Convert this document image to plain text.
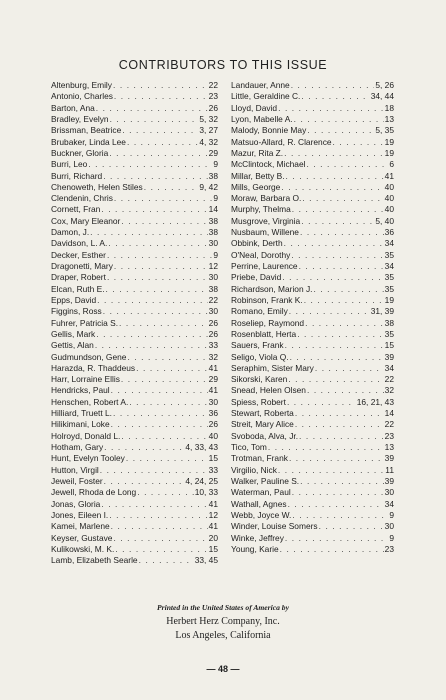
CONTRIBUTORS TO THIS ISSUE
Altenburg, Emily . . .	22
Antonio, Charles . . .	23
Barton, Ana . . .	26
Bradley, Evelyn . . .	5, 32
Brissman, Beatrice . . .	3, 27
Brubaker, Linda Lee . . .	4, 32
Buckner, Gloria . . .	29
Burri, Leo . . .	9
Burri, Richard . . .	38
Chenoweth, Helen Stiles . . .	9, 42
Clendenin, Chris . . .	9
Cornett, Fran . . .	14
Cox, Mary Eleanor . . .	38
Damon, J. . . .	38
Davidson, L. A. . . .	30
Decker, Esther . . .	9
Dragonetti, Mary . . .	12
Draper, Robert . . .	30
Elcan, Ruth E. . . .	38
Epps, David . . .	22
Figgins, Ross . . .	30
Fuhrer, Patricia S. . . .	26
Gellis, Mark . . .	26
Gettis, Alan . . .	33
Gudmundson, Gene . . .	32
Harazda, R. Thaddeus . . .	41
Harr, Lorraine Ellis . . .	29
Hendricks, Paul . . .	41
Henschen, Robert A. . . .	30
Hilliard, Truett L. . . .	36
Hilikimani, Loke . . .	26
Holroyd, Donald L. . . .	40
Hotham, Gary . . .	4, 33, 43
Hunt, Evelyn Tooley . . .	15
Hutton, Virgil . . .	33
Jeweil, Foster . . .	4, 24, 25
Jewell, Rhoda de Long . . .	10, 33
Jonas, Gloria . . .	41
Jones, Eileen I. . . .	12
Kamei, Marlene . . .	41
Keyser, Gustave . . .	20
Kulikowski, M. K. . . .	15
Lamb, Elizabeth Searle . . .	33, 45
Landauer, Anne . . .	5, 26
Little, Geraldine C. . . .	34, 44
Lloyd, David . . .	18
Lyon, Mabelle A. . . .	13
Malody, Bonnie May . . .	5, 35
Matsuo-Allard, R. Clarence . . .	19
Mazur, Rita Z. . . .	19
McClintock, Michael . . .	6
Millar, Betty B. . . .	41
Mills, George . . .	40
Moraw, Barbara O. . . .	40
Murphy, Thelma . . .	40
Musgrove, Virginia . . .	5, 40
Nusbaum, Willene . . .	36
Obbink, Derth . . .	34
O'Neal, Dorothy . . .	35
Perrine, Laurence . . .	34
Priebe, David . . .	35
Richardson, Marion J. . . .	35
Robinson, Frank K. . . .	19
Romano, Emily . . .	31, 39
Roseliep, Raymond . . .	38
Rosenblatt, Herta . . .	35
Sauers, Frank . . .	15
Seligo, Viola Q. . . .	39
Seraphim, Sister Mary . . .	34
Sikorski, Karen . . .	22
Snead, Helen Olsen . . .	32
Spiess, Robert . . .	16, 21, 43
Stewart, Roberta . . .	14
Streit, Mary Alice . . .	22
Svoboda, Alva, Jr. . . .	23
Tico, Tom . . .	13
Trotman, Frank . . .	39
Virgilio, Nick . . .	11
Walker, Pauline S. . . .	39
Waterman, Paul . . .	30
Wathall, Agnes . . .	34
Webb, Joyce W. . . .	9
Winder, Louise Somers . . .	30
Winke, Jeffrey . . .	9
Young, Karie . . .	23
Printed in the United States of America by
Herbert Herz Company, Inc.
Los Angeles, California
— 48 —
